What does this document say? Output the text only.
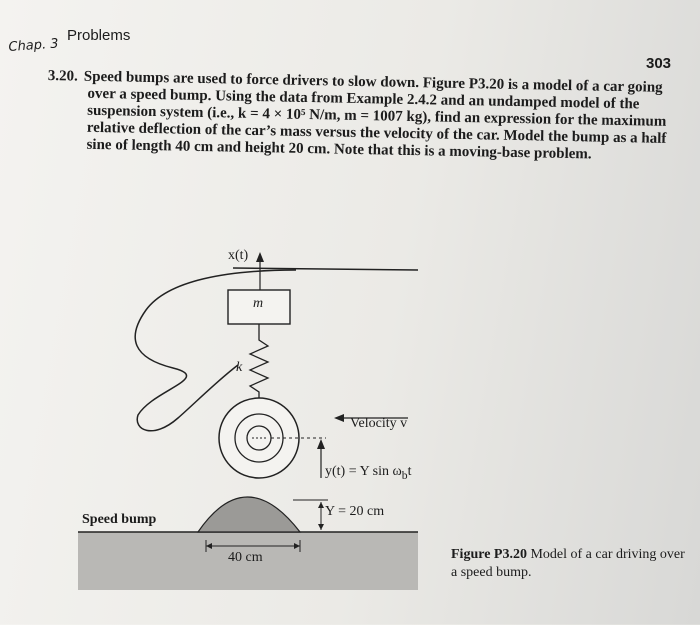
Chap. 3
Problems
303

3.20. Speed bumps are used to force drivers to slow down. Figure P3.20 is a model of a car going over a speed bump. Using the data from Example 2.4.2 and an undamped model of the suspension system (i.e., k = 4 × 10⁵ N/m, m = 1007 kg), find an expression for the maximum relative deflection of the car’s mass versus the velocity of the car. Model the bump as a half sine of length 40 cm and height 20 cm. Note that this is a moving-base problem.

x(t)
m
k
Velocity v
y(t) = Y $\sin \omega_bt$
Y = 20 cm
Speed bump
40 cm	Figure P3.20 Model of a car driving over a speed bump.
